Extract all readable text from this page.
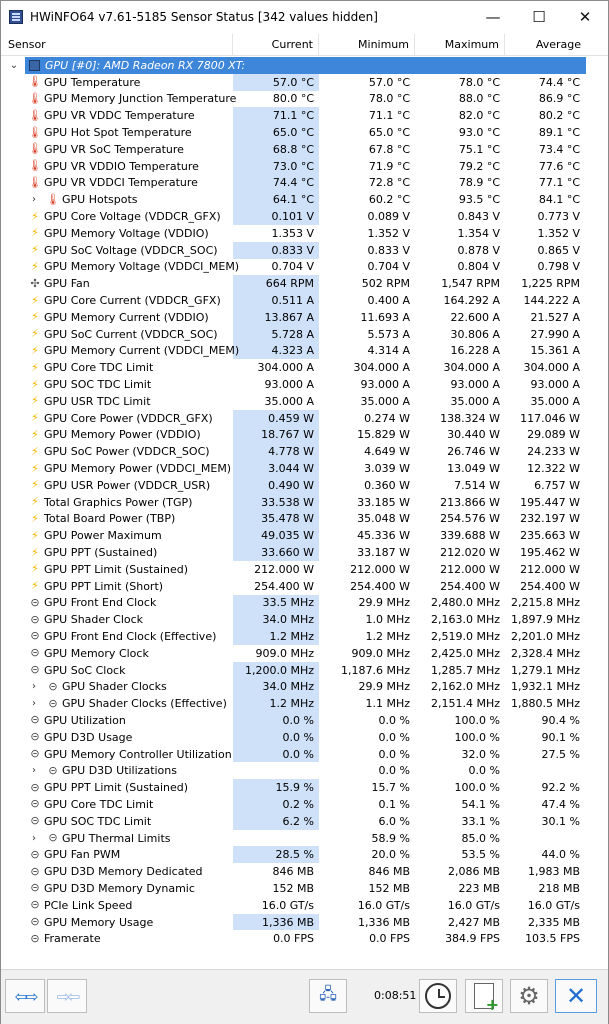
HWiNFO64 v7.61-5185 Sensor Status [342 values hidden]	—	☐	✕
Sensor	Current	Minimum	Maximum	Average
⌄ GPU [#0]: AMD Radeon RX 7800 XT:
🌡 GPU Temperature	57.0 °C	57.0 °C	78.0 °C	74.4 °C
🌡 GPU Memory Junction Temperature	80.0 °C	78.0 °C	88.0 °C	86.9 °C
🌡 GPU VR VDDC Temperature	71.1 °C	71.1 °C	82.0 °C	80.2 °C
🌡 GPU Hot Spot Temperature	65.0 °C	65.0 °C	93.0 °C	89.1 °C
🌡 GPU VR SoC Temperature	68.8 °C	67.8 °C	75.1 °C	73.4 °C
🌡 GPU VR VDDIO Temperature	73.0 °C	71.9 °C	79.2 °C	77.6 °C
🌡 GPU VR VDDCI Temperature	74.4 °C	72.8 °C	78.9 °C	77.1 °C
› 🌡 GPU Hotspots	64.1 °C	60.2 °C	93.5 °C	84.1 °C
⚡ GPU Core Voltage (VDDCR_GFX)	0.101 V	0.089 V	0.843 V	0.773 V
⚡ GPU Memory Voltage (VDDIO)	1.353 V	1.352 V	1.354 V	1.352 V
⚡ GPU SoC Voltage (VDDCR_SOC)	0.833 V	0.833 V	0.878 V	0.865 V
⚡ GPU Memory Voltage (VDDCI_MEM)	0.704 V	0.704 V	0.804 V	0.798 V
✣ GPU Fan	664 RPM	502 RPM	1,547 RPM	1,225 RPM
⚡ GPU Core Current (VDDCR_GFX)	0.511 A	0.400 A	164.292 A	144.222 A
⚡ GPU Memory Current (VDDIO)	13.867 A	11.693 A	22.600 A	21.527 A
⚡ GPU SoC Current (VDDCR_SOC)	5.728 A	5.573 A	30.806 A	27.990 A
⚡ GPU Memory Current (VDDCI_MEM)	4.323 A	4.314 A	16.228 A	15.361 A
⚡ GPU Core TDC Limit	304.000 A	304.000 A	304.000 A	304.000 A
⚡ GPU SOC TDC Limit	93.000 A	93.000 A	93.000 A	93.000 A
⚡ GPU USR TDC Limit	35.000 A	35.000 A	35.000 A	35.000 A
⚡ GPU Core Power (VDDCR_GFX)	0.459 W	0.274 W	138.324 W	117.046 W
⚡ GPU Memory Power (VDDIO)	18.767 W	15.829 W	30.440 W	29.089 W
⚡ GPU SoC Power (VDDCR_SOC)	4.778 W	4.649 W	26.746 W	24.233 W
⚡ GPU Memory Power (VDDCI_MEM)	3.044 W	3.039 W	13.049 W	12.322 W
⚡ GPU USR Power (VDDCR_USR)	0.490 W	0.360 W	7.514 W	6.757 W
⚡ Total Graphics Power (TGP)	33.538 W	33.185 W	213.866 W	195.447 W
⚡ Total Board Power (TBP)	35.478 W	35.048 W	254.576 W	232.197 W
⚡ GPU Power Maximum	49.035 W	45.336 W	339.688 W	235.663 W
⚡ GPU PPT (Sustained)	33.660 W	33.187 W	212.020 W	195.462 W
⚡ GPU PPT Limit (Sustained)	212.000 W	212.000 W	212.000 W	212.000 W
⚡ GPU PPT Limit (Short)	254.400 W	254.400 W	254.400 W	254.400 W
⊝ GPU Front End Clock	33.5 MHz	29.9 MHz	2,480.0 MHz 2,215.8 MHz
⊝ GPU Shader Clock	34.0 MHz	1.0 MHz	2,163.0 MHz 1,897.9 MHz
⊝ GPU Front End Clock (Effective)	1.2 MHz	1.2 MHz	2,519.0 MHz 2,201.0 MHz
⊝ GPU Memory Clock	909.0 MHz	909.0 MHz	2,425.0 MHz 2,328.4 MHz
⊝ GPU SoC Clock	1,200.0 MHz	1,187.6 MHz	1,285.7 MHz 1,279.1 MHz
› ⊝ GPU Shader Clocks	34.0 MHz	29.9 MHz	2,162.0 MHz 1,932.1 MHz
› ⊝ GPU Shader Clocks (Effective)	1.2 MHz	1.1 MHz	2,151.4 MHz 1,880.5 MHz
⊝ GPU Utilization	0.0 %	0.0 %	100.0 %	90.4 %
⊝ GPU D3D Usage	0.0 %	0.0 %	100.0 %	90.1 %
⊝ GPU Memory Controller Utilization	0.0 %	0.0 %	32.0 %	27.5 %
› ⊝ GPU D3D Utilizations	0.0 %	0.0 %
⊝ GPU PPT Limit (Sustained)	15.9 %	15.7 %	100.0 %	92.2 %
⊝ GPU Core TDC Limit	0.2 %	0.1 %	54.1 %	47.4 %
⊝ GPU SOC TDC Limit	6.2 %	6.0 %	33.1 %	30.1 %
› ⊝ GPU Thermal Limits	58.9 %	85.0 %
⊝ GPU Fan PWM	28.5 %	20.0 %	53.5 %	44.0 %
⊝ GPU D3D Memory Dedicated	846 MB	846 MB	2,086 MB	1,983 MB
⊝ GPU D3D Memory Dynamic	152 MB	152 MB	223 MB	218 MB
⊝ PCIe Link Speed	16.0 GT/s	16.0 GT/s	16.0 GT/s	16.0 GT/s
⊝ GPU Memory Usage	1,336 MB	1,336 MB	2,427 MB	2,335 MB
⊝ Framerate	0.0 FPS	0.0 FPS	384.9 FPS	103.5 FPS
⇦⇨ ⇨⇦	🖧	0:08:51
+	⚙ ✕
